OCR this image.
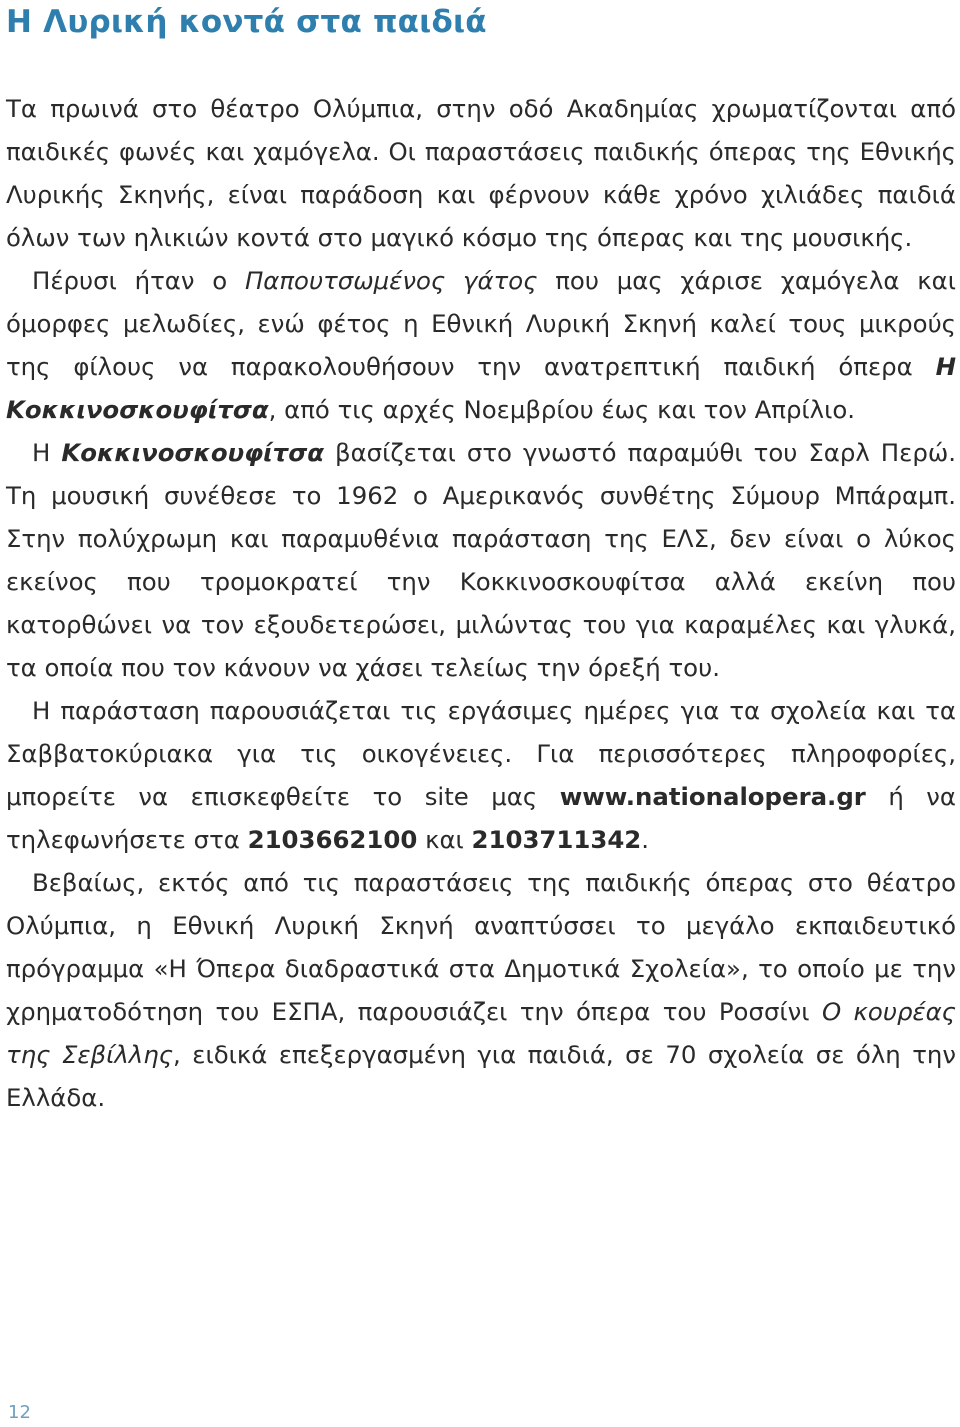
Η Λυρική κοντά στα παιδιά

Τα πρωινά στο θέατρο Ολύμπια, στην οδό Ακαδημίας χρωματίζονται από παιδικές φωνές και χαμόγελα. Οι παραστάσεις παιδικής όπερας της Εθνικής Λυρικής Σκηνής, είναι παράδοση και φέρνουν κάθε χρόνο χιλιάδες παιδιά όλων των ηλικιών κοντά στο μαγικό κόσμο της όπερας και της μουσικής.

Πέρυσι ήταν ο Παπουτσωμένος γάτος που μας χάρισε χαμόγελα και όμορφες μελωδίες, ενώ φέτος η Εθνική Λυρική Σκηνή καλεί τους μικρούς της φίλους να παρακολουθήσουν την ανατρεπτική παιδική όπερα Η Κοκκινοσκουφίτσα, από τις αρχές Νοεμβρίου έως και τον Απρίλιο.

Η Κοκκινοσκουφίτσα βασίζεται στο γνωστό παραμύθι του Σαρλ Περώ. Τη μουσική συνέθεσε το 1962 ο Αμερικανός συνθέτης Σύμουρ Μπάραμπ. Στην πολύχρωμη και παραμυθένια παράσταση της ΕΛΣ, δεν είναι ο λύκος εκείνος που τρομοκρατεί την Κοκκινοσκουφίτσα αλλά εκείνη που κατορθώνει να τον εξουδετερώσει, μιλώντας του για καραμέλες και γλυκά, τα οποία που τον κάνουν να χάσει τελείως την όρεξή του.

Η παράσταση παρουσιάζεται τις εργάσιμες ημέρες για τα σχολεία και τα Σαββατοκύριακα για τις οικογένειες. Για περισσότερες πληροφορίες, μπορείτε να επισκεφθείτε το site μας www.nationalopera.gr ή να τηλεφωνήσετε στα 2103662100 και 2103711342.

Βεβαίως, εκτός από τις παραστάσεις της παιδικής όπερας στο θέατρο Ολύμπια, η Εθνική Λυρική Σκηνή αναπτύσσει το μεγάλο εκπαιδευτικό πρόγραμμα «Η Όπερα διαδραστικά στα Δημοτικά Σχολεία», το οποίο με την χρηματοδότηση του ΕΣΠΑ, παρουσιάζει την όπερα του Ροσσίνι Ο κουρέας της Σεβίλλης, ειδικά επεξεργασμένη για παιδιά, σε 70 σχολεία σε όλη την Ελλάδα.

12
